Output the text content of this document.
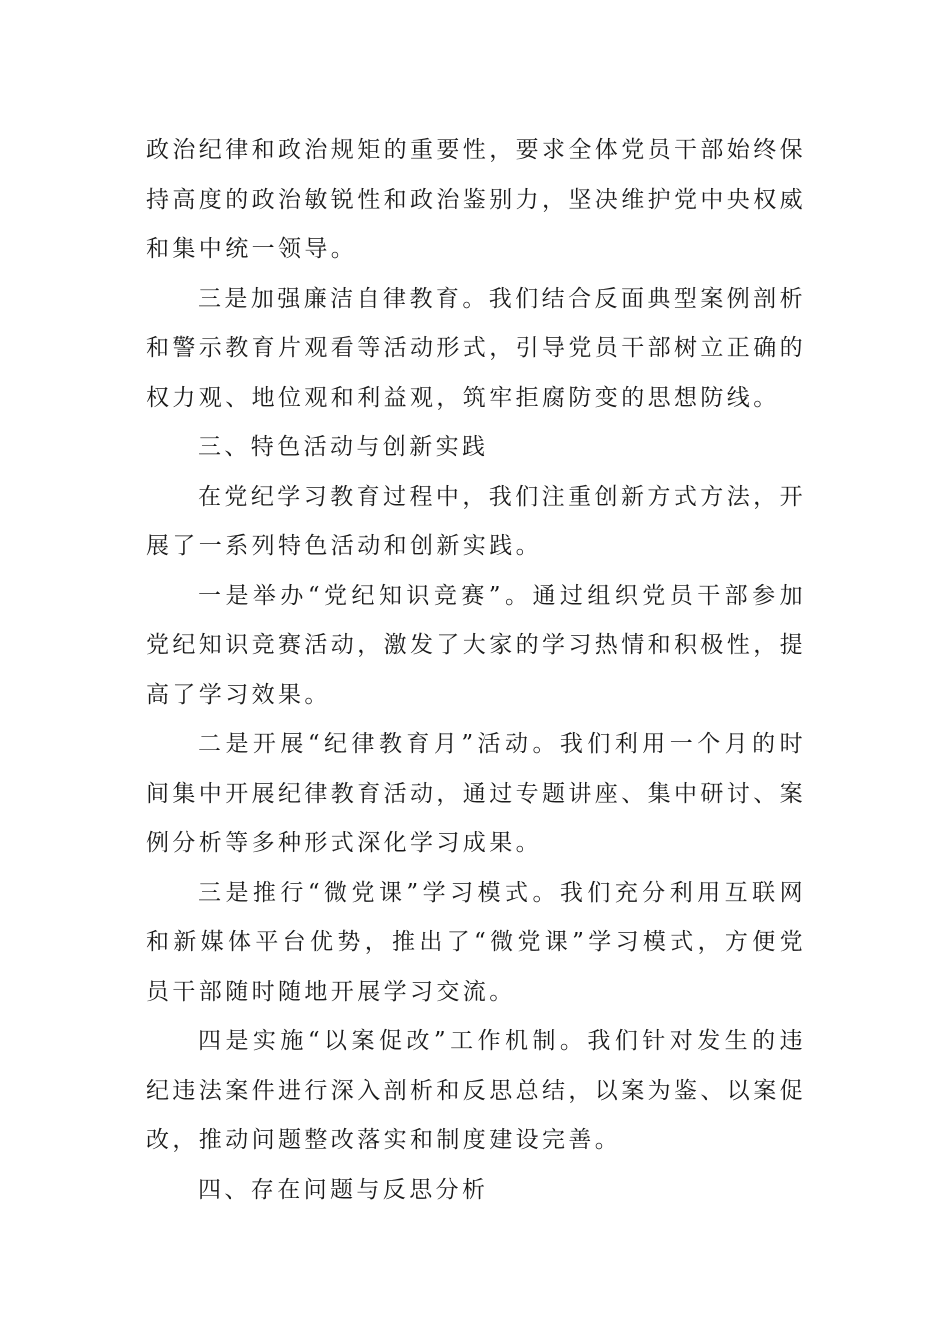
政治纪律和政治规矩的重要性，要求全体党员干部始终保持高度的政治敏锐性和政治鉴别力，坚决维护党中央权威和集中统一领导。

三是加强廉洁自律教育。我们结合反面典型案例剖析和警示教育片观看等活动形式，引导党员干部树立正确的权力观、地位观和利益观，筑牢拒腐防变的思想防线。

三、特色活动与创新实践

在党纪学习教育过程中，我们注重创新方式方法，开展了一系列特色活动和创新实践。

一是举办“党纪知识竞赛”。通过组织党员干部参加党纪知识竞赛活动，激发了大家的学习热情和积极性，提高了学习效果。

二是开展“纪律教育月”活动。我们利用一个月的时间集中开展纪律教育活动，通过专题讲座、集中研讨、案例分析等多种形式深化学习成果。

三是推行“微党课”学习模式。我们充分利用互联网和新媒体平台优势，推出了“微党课”学习模式，方便党员干部随时随地开展学习交流。

四是实施“以案促改”工作机制。我们针对发生的违纪违法案件进行深入剖析和反思总结，以案为鉴、以案促改，推动问题整改落实和制度建设完善。

四、存在问题与反思分析
